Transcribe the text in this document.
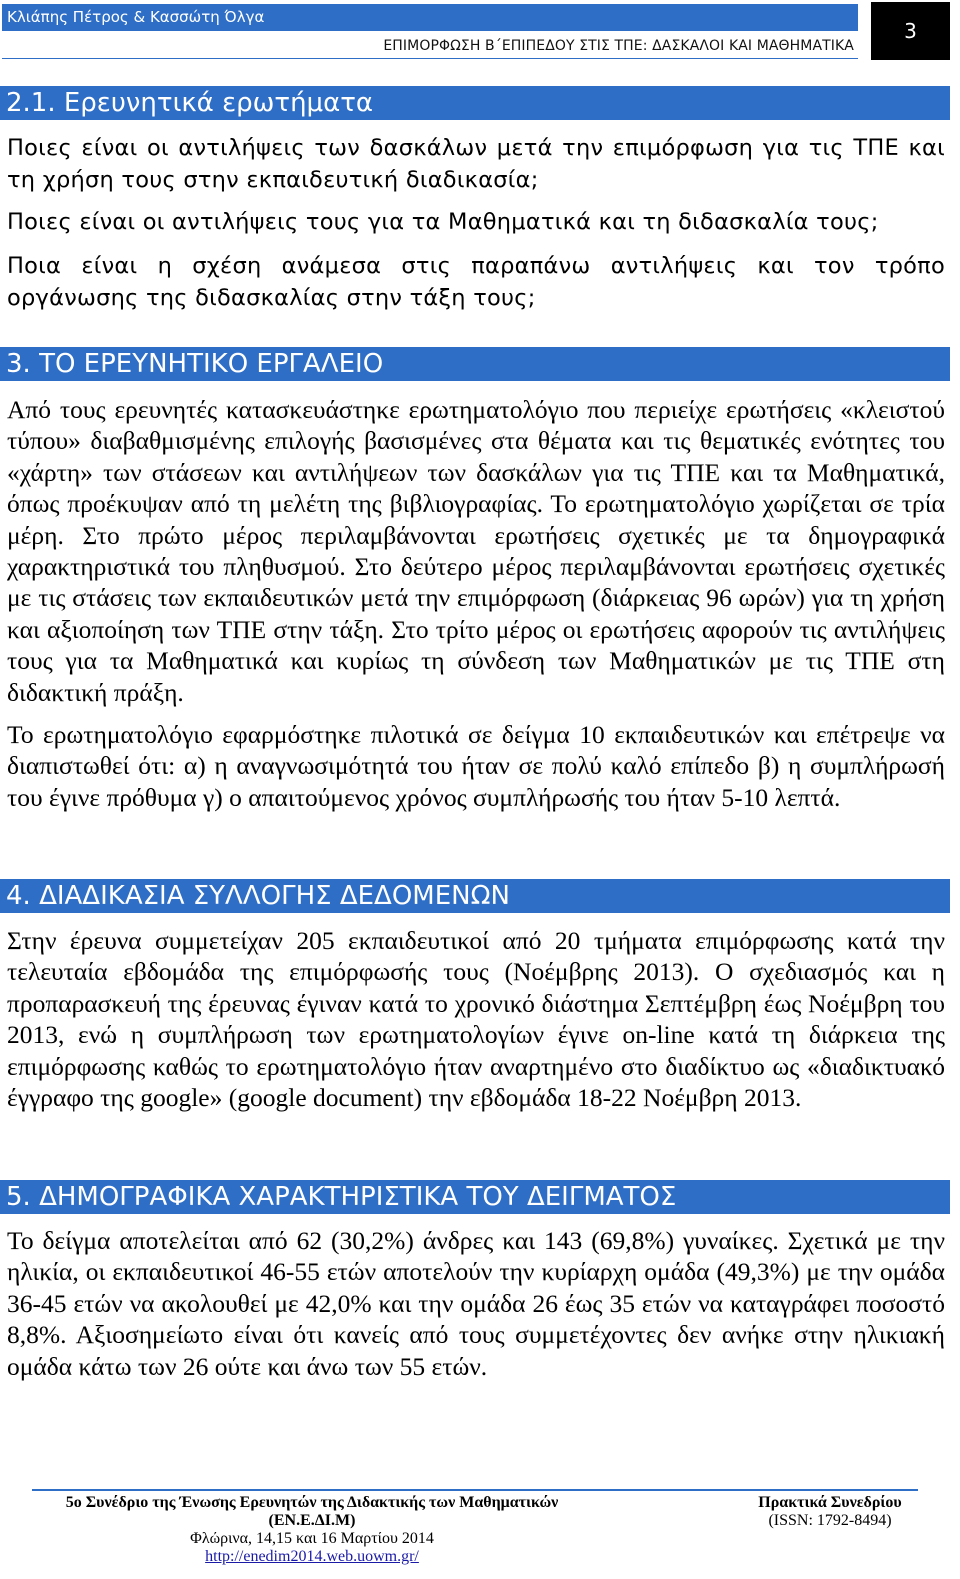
Κλιάπης Πέτρος & Κασσώτη Όλγα
ΕΠΙΜΟΡΦΩΣΗ Β΄ΕΠΙΠΕΔΟΥ ΣΤΙΣ ΤΠΕ: ΔΑΣΚΑΛΟΙ ΚΑΙ ΜΑΘΗΜΑΤΙΚΑ
3
2.1. Ερευνητικά ερωτήματα

Ποιες είναι οι αντιλήψεις των δασκάλων μετά την επιμόρφωση για τις ΤΠΕ και τη χρήση τους στην εκπαιδευτική διαδικασία;

Ποιες είναι οι αντιλήψεις τους για τα Μαθηματικά και τη διδασκαλία τους;

Ποια είναι η σχέση ανάμεσα στις παραπάνω αντιλήψεις και τον τρόπο οργάνωσης της διδασκαλίας στην τάξη τους;

3. ΤΟ ΕΡΕΥΝΗΤΙΚΟ ΕΡΓΑΛΕΙΟ

Από τους ερευνητές κατασκευάστηκε ερωτηματολόγιο που περιείχε ερωτήσεις «κλειστού τύπου» διαβαθμισμένης επιλογής βασισμένες στα θέματα και τις θεματικές ενότητες του «χάρτη» των στάσεων και αντιλήψεων των δασκάλων για τις ΤΠΕ και τα Μαθηματικά, όπως προέκυψαν από τη μελέτη της βιβλιογραφίας. Το ερωτηματολόγιο χωρίζεται σε τρία μέρη. Στο πρώτο μέρος περιλαμβάνονται ερωτήσεις σχετικές με τα δημογραφικά χαρακτηριστικά του πληθυσμού. Στο δεύτερο μέρος περιλαμβάνονται ερωτήσεις σχετικές με τις στάσεις των εκπαιδευτικών μετά την επιμόρφωση (διάρκειας 96 ωρών) για τη χρήση και αξιοποίηση των ΤΠΕ στην τάξη. Στο τρίτο μέρος οι ερωτήσεις αφορούν τις αντιλήψεις τους για τα Μαθηματικά και κυρίως τη σύνδεση των Μαθηματικών με τις ΤΠΕ στη διδακτική πράξη.

Το ερωτηματολόγιο εφαρμόστηκε πιλοτικά σε δείγμα 10 εκπαιδευτικών και επέτρεψε να διαπιστωθεί ότι: α) η αναγνωσιμότητά του ήταν σε πολύ καλό επίπεδο β) η συμπλήρωσή του έγινε πρόθυμα γ) ο απαιτούμενος χρόνος συμπλήρωσής του ήταν 5-10 λεπτά.

4. ΔΙΑΔΙΚΑΣΙΑ ΣΥΛΛΟΓΗΣ ΔΕΔΟΜΕΝΩΝ

Στην έρευνα συμμετείχαν 205 εκπαιδευτικοί από 20 τμήματα επιμόρφωσης κατά την τελευταία εβδομάδα της επιμόρφωσής τους (Νοέμβρης 2013). Ο σχεδιασμός και η προπαρασκευή της έρευνας έγιναν κατά το χρονικό διάστημα Σεπτέμβρη έως Νοέμβρη του 2013, ενώ η συμπλήρωση των ερωτηματολογίων έγινε on-line κατά τη διάρκεια της επιμόρφωσης καθώς το ερωτηματολόγιο ήταν αναρτημένο στο διαδίκτυο ως «διαδικτυακό έγγραφο της google» (google document) την εβδομάδα 18-22 Νοέμβρη 2013.

5. ΔΗΜΟΓΡΑΦΙΚΑ ΧΑΡΑΚΤΗΡΙΣΤΙΚΑ ΤΟΥ ΔΕΙΓΜΑΤΟΣ

Το δείγμα αποτελείται από 62 (30,2%) άνδρες και 143 (69,8%) γυναίκες. Σχετικά με την ηλικία, οι εκπαιδευτικοί 46-55 ετών αποτελούν την κυρίαρχη ομάδα (49,3%) με την ομάδα 36-45 ετών να ακολουθεί με 42,0% και την ομάδα 26 έως 35 ετών να καταγράφει ποσοστό 8,8%. Αξιοσημείωτο είναι ότι κανείς από τους συμμετέχοντες δεν ανήκε στην ηλικιακή ομάδα κάτω των 26 ούτε και άνω των 55 ετών.

5ο Συνέδριο της Ένωσης Ερευνητών της Διδακτικής των Μαθηματικών
(ΕΝ.Ε.ΔΙ.Μ)
Φλώρινα, 14,15 και 16 Μαρτίου 2014
http://enedim2014.web.uowm.gr/
Πρακτικά Συνεδρίου
(ISSN: 1792-8494)
